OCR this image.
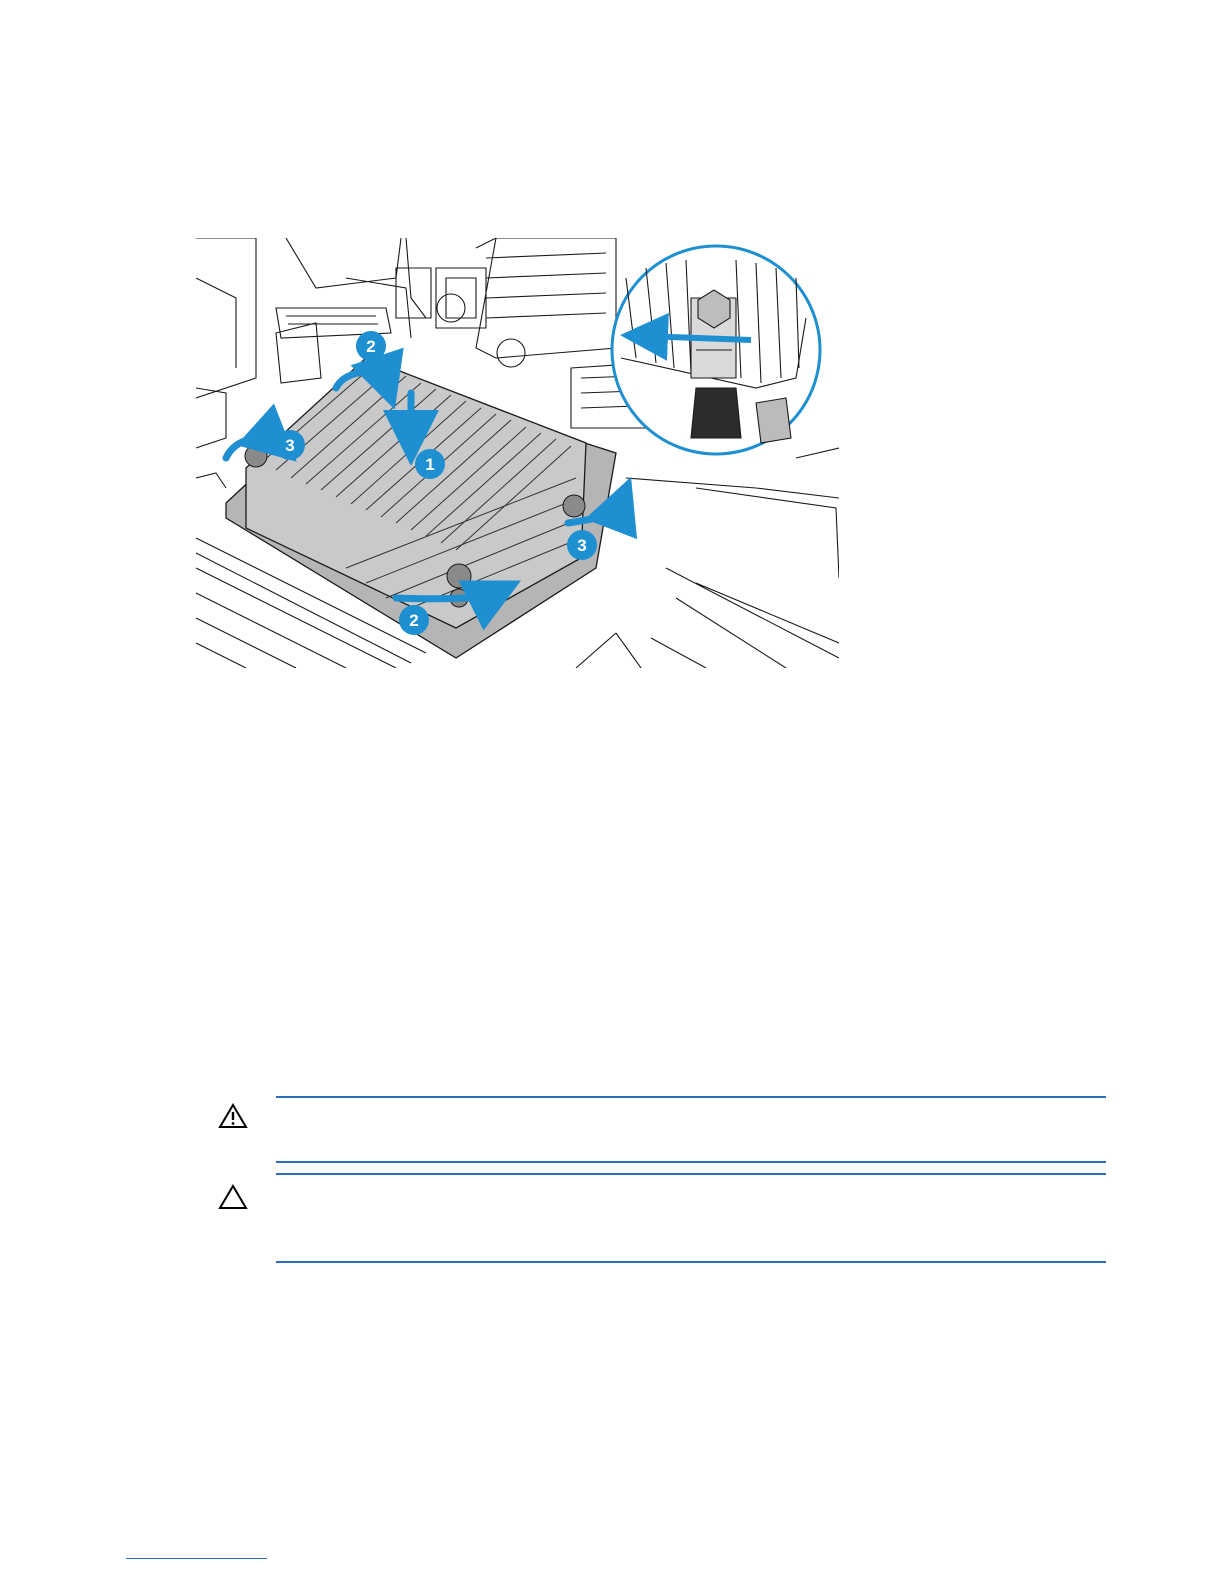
1
2
2
3
3
